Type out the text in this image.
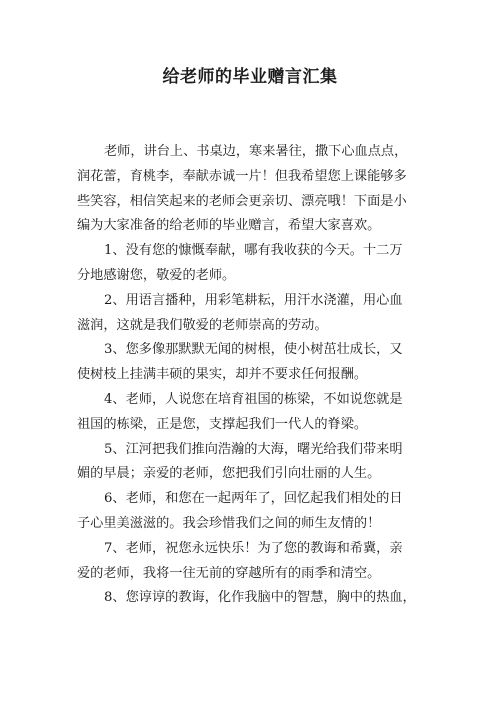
给老师的毕业赠言汇集
老师，讲台上、书桌边，寒来暑往，撒下心血点点，
润花蕾，育桃李，奉献赤诚一片！但我希望您上课能够多
些笑容，相信笑起来的老师会更亲切、漂亮哦！下面是小
编为大家准备的给老师的毕业赠言，希望大家喜欢。
1、没有您的慷慨奉献，哪有我收获的今天。十二万
分地感谢您，敬爱的老师。
2、用语言播种，用彩笔耕耘，用汗水浇灌，用心血
滋润，这就是我们敬爱的老师崇高的劳动。
3、您多像那默默无闻的树根，使小树茁壮成长，又
使树枝上挂满丰硕的果实，却并不要求任何报酬。
4、老师，人说您在培育祖国的栋梁，不如说您就是
祖国的栋梁，正是您，支撑起我们一代人的脊梁。
5、江河把我们推向浩瀚的大海，曙光给我们带来明
媚的早晨；亲爱的老师，您把我们引向壮丽的人生。
6、老师，和您在一起两年了，回忆起我们相处的日
子心里美滋滋的。我会珍惜我们之间的师生友情的！
7、老师，祝您永远快乐！为了您的教诲和希冀，亲
爱的老师，我将一往无前的穿越所有的雨季和清空。
8、您谆谆的教诲，化作我脑中的智慧，胸中的热血，
